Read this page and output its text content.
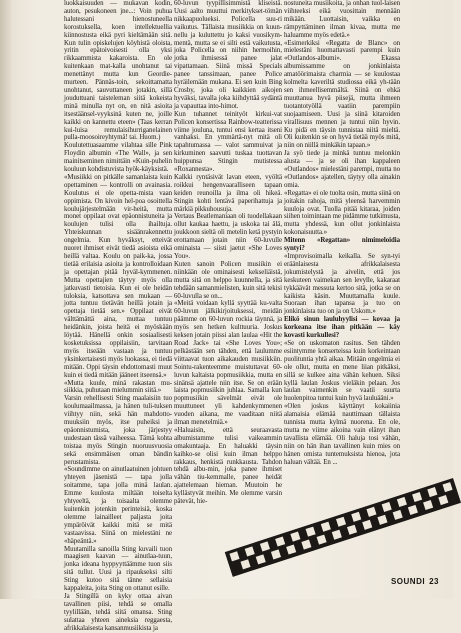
luokkaisuuden — mukavan kodin, auton, pesukoneen jne...: Voin puhua halutessani hienostuneella korostuksella, koen intellektuellia kiinnostusta eikä pyri kieltämään sitä. Kun tulin opiskelujen köyhistä oloista, yritin epätoivoisesti olla yksi rikkaammista kakaroista. En ole kuitenkaan mat-kalla unohtanut tai menettänyt mutta kun Geordie-murteen. Pännäs-toin, sekoittamatta unohtanut, sauvuttaneen jotakin, sillä jouduttuani taisteleman siitä kokeista minä minulla nyt on, en nitä asioita itsestäänsel-vyyksinä kuten ne, joille kaikki on kannettu eteen» (Taas kerran kui-luisa remulaisihurriganelainen pulla-moosoireyhtymä! tai. Huom.)

Koulutettuasaamme vilahtaa sille Pink Floydin albumin «The Wall», ja sen mainitseminen nimittäin «Kuin-puhelin kouluun kohdistuvista hyök-käyksistä.

«Musiikki on pitkälle samanlaista kuin opettaminen — kontrolli on avainasia. Koulutus ei ole opetta-mista vaan oppimista. On kivoin hel-poa osoittella koulujärjestelmään vir-heitä, mutta monet oppilaat ovat epäonnistuneita ja koulujen tulisi olla ihailtuja. Yhteiskunnan sisäänrakennettu ongelmia. Kun hyväksyt, etteivät nuoret ihmiset eivät tiedä asioista eikä heillä valtaa. Koulu on paik-ka, jossa tietää erilaisia asioita ja kontrolloidaan ja opettajan pitää hyväl-kymmenen. Mutta opettajien täytyy myös olla jatkuvasti tietoisia. Kun ei ole heidän tuloksia, katsottava sen mukaan — jotta tuntuu tietävän heillä jotain ja opettaja tietää sen.» Oppilaat eivät välttämättä aina, muttaa tuntuu heidänkin, joista heitä ei myöskään löytää. Hänellä onkin sosiaalisesti kosketuksissa oppilaisiin, tarvitaan myös itseään vastaan ja tuntuu yksinkertaisesti myös luokassa, ei tiedä mitään. Oppi täysin ehdottomasti muut kuin ei tiedä mitään jääneet itseensä.»

«Mutta kuule, minä rakastan mu-siikkia, puhutaan mielummin siitä.»

Varsin rehellisesti Sting maalaisiin tuo koulumaailmassa, ja hänen tuli-tuksen viihtyy niin, sekä hän mahdotto-muuksiin myös, itse puheiksi ja epäonnistumista, joka järjestyy uudestaan tässä vaiheessa. Tämä kohta toistaa myös Stingin nuoruusvuosia sekä ensimmäisen oman bändin perustamista.

«Soundimme on ainutlaatuinen johtuen yhteyen jäsenistä — tapa jolla soitamme, tapa jolla minä laulan. Emme kuulosta miltään toiselta yhtyeeltä, ja toisaalta olemme kuitenkin jotenkin perinteisiä, koska olemme lainailleet paljasta joita ympäröivät kaikki mitä se mitä vastaavissa. Siinä on mielestäni ne «häpeäntä.»

Muutamilla sanoilla Sting kuvaili tuon maagisen kaavan — ainutlaa-tuun, jonka ideana hyppyyttäämme tuon siis sitä tullut. Uusi ja ripaukseksi silti Sting kutoo sitä tänne sellaisia kappaleita, joita Sting on ottanut esille.

Ja Stingillä on kyky ottaa aivan tavallinen piisi, tehdä se omalla tyylillään, tehdä siitä omansa. Sting sulattaa yhteen aineksia reggaesta, afrikkalaisesta kansanmusiikista ja

60-luvun tyypillisimmistä kliseistä. Uusi aalto muuttui merkitykset-tömän nikkaapuolueksi. Policella suu-ri vaikutus. Tällaista musiikkia on kuun-nellu ja kuluttettu jo kaksi vuosikym-mentä, mutta se ei silti estä vaikutusta, joka Policella on niihin hermoihin, jotka ihmisessä panee jalat vipattamaan. Siinä missä Specials panee tanssimaan, panee Police hyräilemään mukana. Ei sen kuin Bing Crosby, joka oli kaikkien aikojen hyväksi, tavalla joka kiihdyttää sydäntä ja vapauttaa into-himot.

Kun tuhannet teinityöt kirkui-vat Policen konsertissa Rainbow-teatterissa viime jouluna, tuntui ensi kertaa itseni vanhaksi. En ymmärtä-nyt mitä oli tapahtumassa — valot sammuivat ja kirkuminen saavutti tuskaa tuottavan huippunsa Stingin mutistessa «Roxannesta».

Kalkki ryntäsivät lavan eteen, vyöltä roikkui hengenvaaralliseen tapaan keiden reunoilla ja ilma oli hikeä. Stingin kohti lentävä paperihattuja ja märkiä pikkuhousuja.

Vertaus Beatlemaniaan oli tuodellakaan ollut kaukaa haettu, ja uskoka tai älä, joukkoon sieltä oli metelin ketä pystyin erottamaan jotain niin 60-luvulle ominaista — siisti jaetut «She Loves You».

Kuten sanoin Policen musiikin ei niinkään ole ominaisesti kekseliäistä, mutta sitä on helppo kuunnella, ja sitä tehdään samanmielisten, kuin sitä tekisi 60-luvulla se on...

«Meitä voidaan kyllä syyttää ku-valta 60-luvun jälkikirjoituksessi, meidän päämme on 60-luvun rockia täynnä, ja myös sen hetken kulttuuria. Joskus keksen jotain piissi alan laulaa «Hit the Road Jack» tai «She Loves You»; pelkästään sen tähden, että laulumme viittaavat tuon aikakauden musiikkiin. Sointu-rakenteemme muistuttavat 60-luvun kaltaista popmusiikkia, mutta en sinänsä ajattele niin itse. Se on erään laista popmusiikin juhlaa. Samalla kun popmusiikin sävelmät eivät ole muuttuneet yli kahdenkymmenen vuoden aikana, me vaaditaan niitä ilman menetelmiä.»

«Haluaisin, että seuraavasta albumistamme tulisi vaikeammin omakuntaaja. En haluakki täysin kaihko-se olisi kuin ilman helppo rakkaus, henkistä runkkausta. Tahdon tehdä albu-min, joka panee ihmiset vähän tiu-kemmalle, panee heidät ajattelemaan hieman. Muutoin he kyllästyvät meihin. Me olemme varsin pätevät, hie-

nostuneita musiikoita, ja onhan tuol-laisen viihteeksi eikä vuosittain mennään mikään. Luottaisin, vaikka en rämpyttäminen ilman kivaa, mutta me haluamme myös edetä.»

«Esimerkiksi «Regatta de Blanc» on mielestäni huomattavasti parempi kuin «Outlandos-albumi». Ekassa albumissamme on jonkinlaista amatöörimaista charmia — se kuulostaa kolmelta kaveriltä studiossa eikä yh-tään sen ihmeellisemmältä. Siinä on ehkä muuttanua hyvä piisejä, mutta ihmeen tuotantotyöllä vaatiin parempiin suojaamiseen. Uusi ja siinä kitaroiden virallisuus mennen ja tuntui niin hyvin. Ku pidä en täysin tunnistaa niitä mieltä. Oli kuitenkin se on hyvä tietää myös mitä, niin on niillä minkäkin tapaan.»

Ja syö tiede ja minkä tuntuu melonkin alusta — ja se oli ihan kappaleen «Outlandos» mielestäni parempi, mutta no «Outlandos» ajatellen, täytyy olla ainakin omia.

«Regatta» ei ole tuolta osin, mutta siinä on joitakin rahoja, mitä yleensä harvemmin kuuloja ovat. Tuolla pitää kitaraa, joiden siihen toimintaan me pidämme tutkimusta, mutta yhdessä, kun ollut jonkinlaista kokonaisuutta.»

Mitenn «Regattan» nimimeloidia syntyi?

«Improvisoimalla keikalla. Se syn-tyi eräänlaisesta afrikkalaisesta jokumistelystä ja aivelin, että jos keskuteen vaimekan sen levylle, kakaraat tykkäävät messuta kertoo sitä, jotka se on kaikista käsin. Muuttamalla kuule. Suoraan ihan tapansa ja tuo on jonkinlaista tuo on ja on Uskom.»

Elikö sinun lauluhyylisi — kovaa ja korkeana itse ihan pitkään — käy kovasti kurkullesi?

«Se on uskomaton rasitus. Sen tähden esiintymme konserteissa kuin korkeintaan puolituntia yhtä aikaa. Mitään ongelmia ei ole ollut, mutta en mene liian pitkäksi, sillä se kulkee aina vähän kehuen. Siksi kyllä laulan Joskus vieläkin pelaan. Jos laulan vaimenkin se vaatii suurta huolenpitoa tuntui kuin hyvä lauluääni.»

«Olen joskus käyttänyt kokaiinia alamaisia elämää nauttimaan tällaista tunnista mutta kylmä nuorena. En ole, mutta ne viime aikoina vain elänyt ihan tavallista elämää. Oli haluja tosi vähän, niin on hän ihan tavallinen kuin mies on hänen omista tuntemuksista hienoa, jota haluan vältää. En ...

SOUNDI 23
